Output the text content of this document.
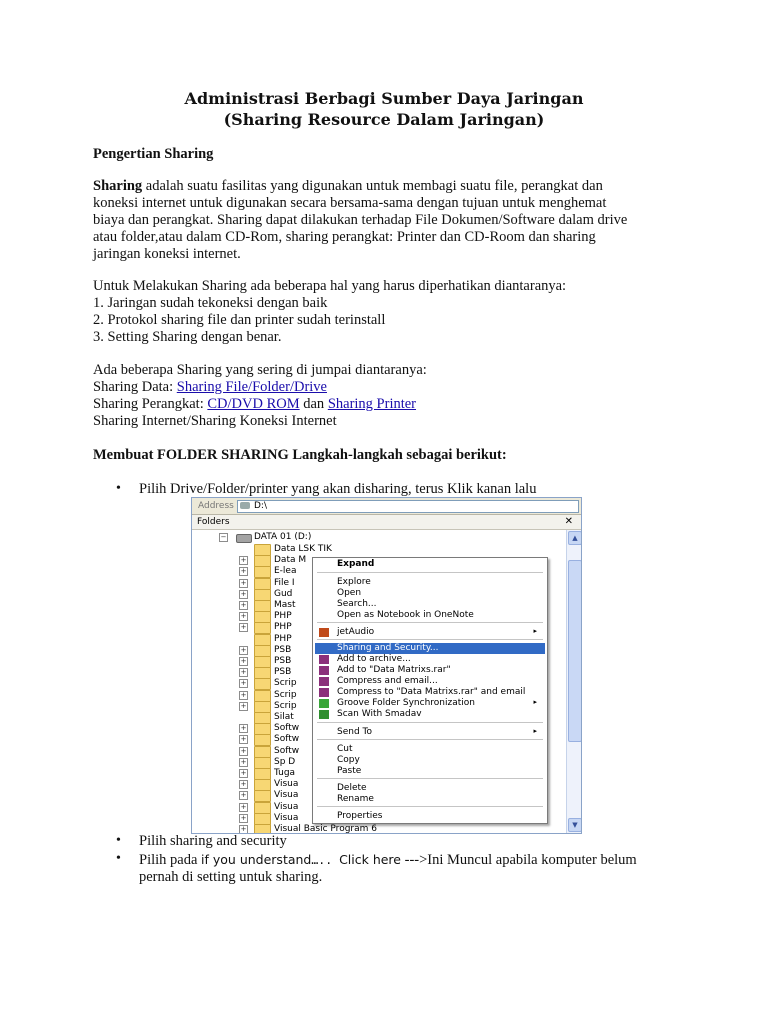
Administrasi Berbagi Sumber Daya Jaringan
(Sharing Resource Dalam Jaringan)
Pengertian Sharing
Sharing adalah suatu fasilitas yang digunakan untuk membagi suatu file, perangkat dan
koneksi internet untuk digunakan secara bersama-sama dengan tujuan untuk menghemat
biaya dan perangkat. Sharing dapat dilakukan terhadap File Dokumen/Software dalam drive
atau folder,atau dalam CD-Rom, sharing perangkat: Printer dan CD-Room dan sharing
jaringan koneksi internet.
Untuk Melakukan Sharing ada beberapa hal yang harus diperhatikan diantaranya:
1. Jaringan sudah tekoneksi dengan baik
2. Protokol sharing file dan printer sudah terinstall
3. Setting Sharing dengan benar.
Ada beberapa Sharing yang sering di jumpai diantaranya:
Sharing Data: Sharing File/Folder/Drive
Sharing Perangkat: CD/DVD ROM dan Sharing Printer
Sharing Internet/Sharing Koneksi Internet
Membuat FOLDER SHARING Langkah-langkah sebagai berikut:
• Pilih Drive/Folder/printer yang akan disharing, terus Klik kanan lalu
Address D:\
Folders	✕
−	DATA 01 (D:)
Data LSK TIK
+	Data M
+	E-lea
+	File I
+	Gud
+	Mast
+	PHP
+	PHP
PHP
+	PSB
+	PSB
+	PSB
+	Scrip
+	Scrip
+	Scrip
Silat
+	Softw
+	Softw
+	Softw
+	Sp D
+	Tuga
+	Visua
+	Visua
+	Visua
+	Visua
+	Visual Basic Program 6
▲
▼
Expand
Explore
Open
Search...
Open as Notebook in OneNote
jetAudio	▸
Sharing and Security...
Add to archive...
Add to "Data Matrixs.rar"
Compress and email...
Compress to "Data Matrixs.rar" and email
Groove Folder Synchronization	▸
Scan With Smadav
Send To	▸
Cut
Copy
Paste
Delete
Rename
Properties
• Pilih sharing and security
• Pilih pada if you understand….. Click here --->Ini Muncul apabila komputer belum
pernah di setting untuk sharing.
